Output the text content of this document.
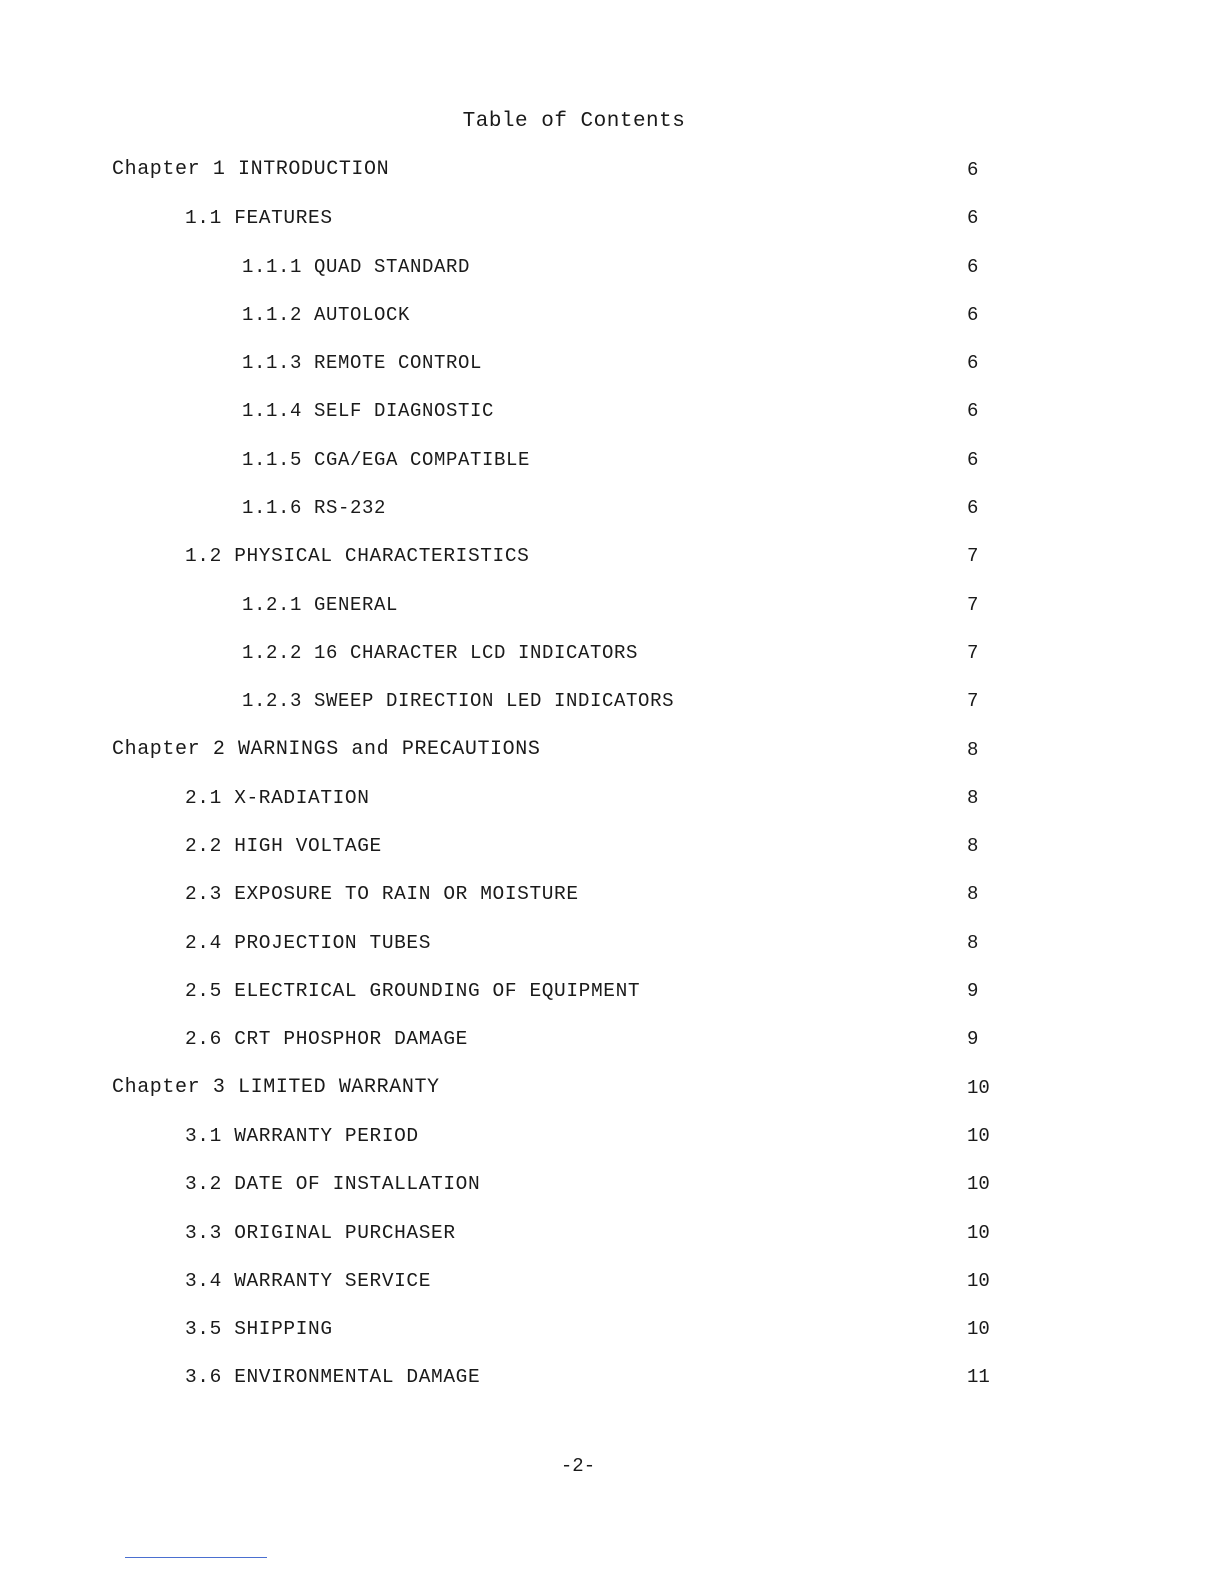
Table of Contents
Chapter 1 INTRODUCTION	6
1.1 FEATURES	6
1.1.1 QUAD STANDARD	6
1.1.2 AUTOLOCK	6
1.1.3 REMOTE CONTROL	6
1.1.4 SELF DIAGNOSTIC	6
1.1.5 CGA/EGA COMPATIBLE	6
1.1.6 RS-232	6
1.2 PHYSICAL CHARACTERISTICS	7
1.2.1 GENERAL	7
1.2.2 16 CHARACTER LCD INDICATORS	7
1.2.3 SWEEP DIRECTION LED INDICATORS	7
Chapter 2 WARNINGS and PRECAUTIONS	8
2.1 X-RADIATION	8
2.2 HIGH VOLTAGE	8
2.3 EXPOSURE TO RAIN OR MOISTURE	8
2.4 PROJECTION TUBES	8
2.5 ELECTRICAL GROUNDING OF EQUIPMENT	9
2.6 CRT PHOSPHOR DAMAGE	9
Chapter 3 LIMITED WARRANTY	10
3.1 WARRANTY PERIOD	10
3.2 DATE OF INSTALLATION	10
3.3 ORIGINAL PURCHASER	10
3.4 WARRANTY SERVICE	10
3.5 SHIPPING	10
3.6 ENVIRONMENTAL DAMAGE	11
-2-
